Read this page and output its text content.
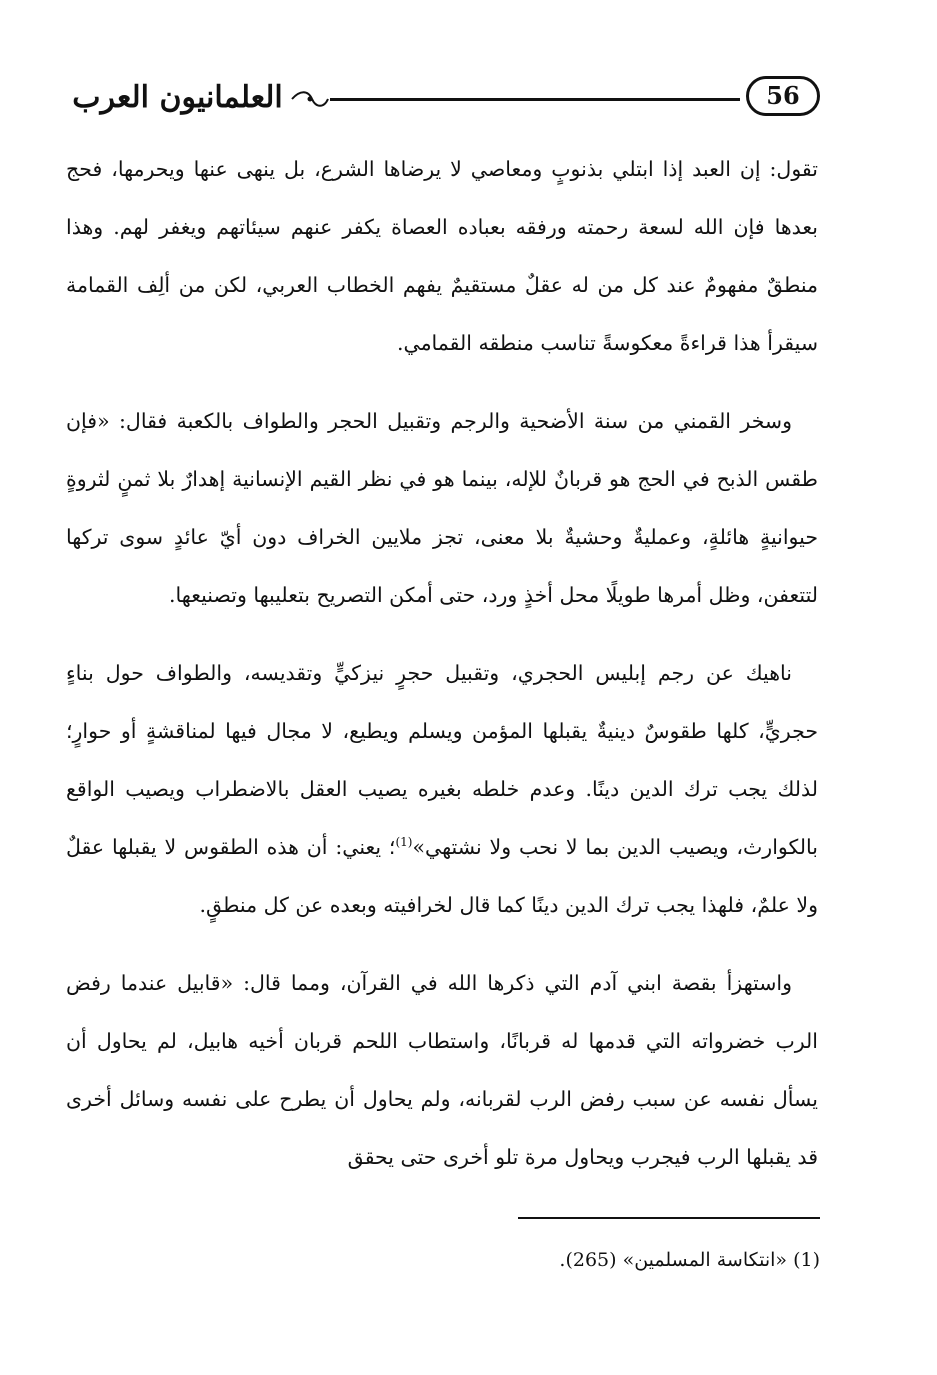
العلمانيون العرب	56

تقول: إن العبد إذا ابتلي بذنوبٍ ومعاصي لا يرضاها الشرع، بل ينهى عنها ويحرمها، فحج بعدها فإن الله لسعة رحمته ورفقه بعباده العصاة يكفر عنهم سيئاتهم ويغفر لهم. وهذا منطقٌ مفهومٌ عند كل من له عقلٌ مستقيمٌ يفهم الخطاب العربي، لكن من ألِف القمامة سيقرأ هذا قراءةً معكوسةً تناسب منطقه القمامي.

وسخر القمني من سنة الأضحية والرجم وتقبيل الحجر والطواف بالكعبة فقال: «فإن طقس الذبح في الحج هو قربانٌ للإله، بينما هو في نظر القيم الإنسانية إهدارٌ بلا ثمنٍ لثروةٍ حيوانيةٍ هائلةٍ، وعمليةٌ وحشيةٌ بلا معنى، تجز ملايين الخراف دون أيّ عائدٍ سوى تركها لتتعفن، وظل أمرها طويلًا محل أخذٍ ورد، حتى أمكن التصريح بتعليبها وتصنيعها.

ناهيك عن رجم إبليس الحجري، وتقبيل حجرٍ نيزكيٍّ وتقديسه، والطواف حول بناءٍ حجريٍّ، كلها طقوسٌ دينيةٌ يقبلها المؤمن ويسلم ويطيع، لا مجال فيها لمناقشةٍ أو حوارٍ؛ لذلك يجب ترك الدين دينًا. وعدم خلطه بغيره يصيب العقل بالاضطراب ويصيب الواقع بالكوارث، ويصيب الدين بما لا نحب ولا نشتهي»$^{(1)}$؛ يعني: أن هذه الطقوس لا يقبلها عقلٌ ولا علمٌ، فلهذا يجب ترك الدين دينًا كما قال لخرافيته وبعده عن كل منطقٍ.

واستهزأ بقصة ابني آدم التي ذكرها الله في القرآن، ومما قال: «قابيل عندما رفض الرب خضرواته التي قدمها له قربانًا، واستطاب اللحم قربان أخيه هابيل، لم يحاول أن يسأل نفسه عن سبب رفض الرب لقربانه، ولم يحاول أن يطرح على نفسه وسائل أخرى قد يقبلها الرب فيجرب ويحاول مرة تلو أخرى حتى يحقق

(1) «انتكاسة المسلمين» (265).
